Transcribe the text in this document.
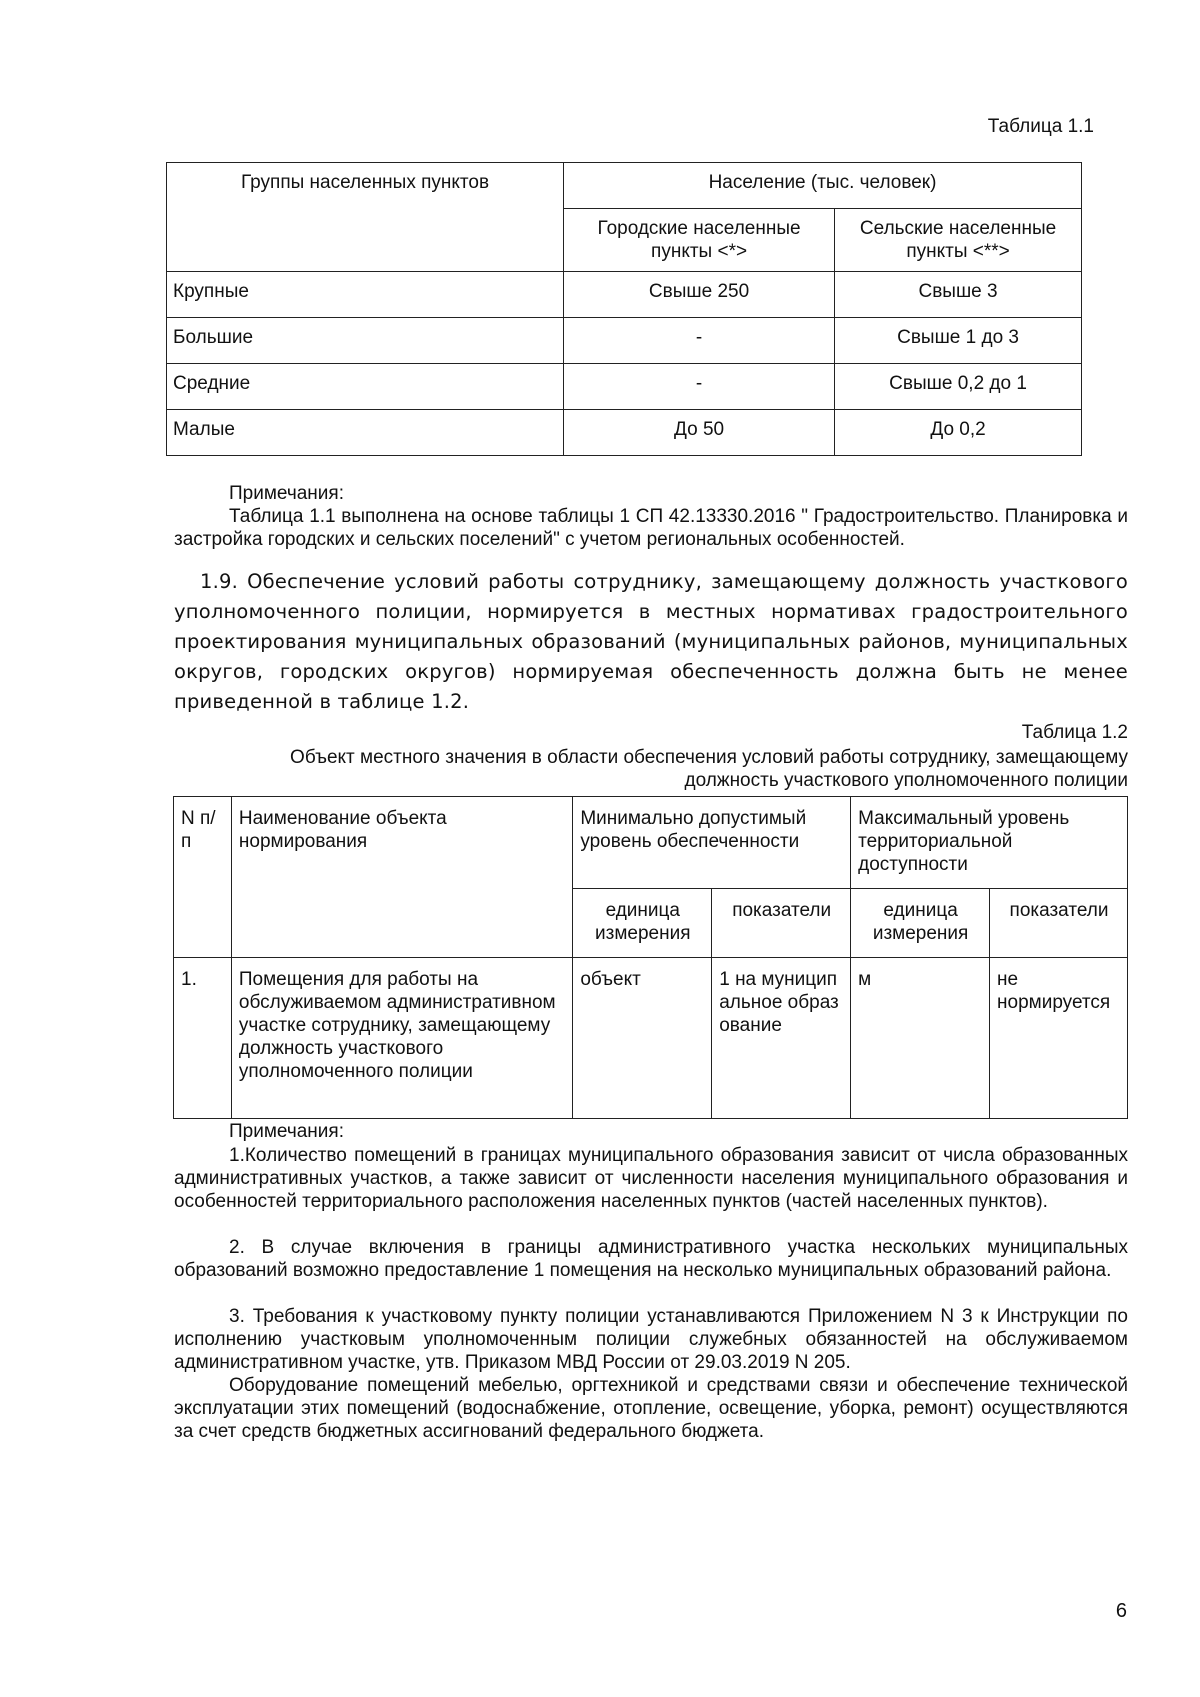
Таблица 1.1
Группы населенных пунктов	Население (тыс. человек)	
	Городские населенные пункты <*>	Сельские населенные пункты <**>
Крупные	Свыше 250	Свыше 3
Большие	-	Свыше 1 до 3
Средние	-	Свыше 0,2 до 1
Малые	До 50	До 0,2
Примечания:
Таблица 1.1 выполнена на основе таблицы 1 СП 42.13330.2016 " Градостроительство. Планировка и застройка городских и сельских поселений" с учетом региональных особенностей.
1.9. Обеспечение условий работы сотруднику, замещающему должность участкового уполномоченного полиции, нормируется в местных нормативах градостроительного проектирования муниципальных образований (муниципальных районов, муниципальных округов, городских округов) нормируемая обеспеченность должна быть не менее приведенной в таблице 1.2.
Таблица 1.2
Объект местного значения в области обеспечения условий работы сотруднику, замещающему должность участкового уполномоченного полиции
N п/п	Наименование объекта нормирования	Минимально допустимый уровень обеспеченности		Максимальный уровень территориальной доступности	
		единица измерения	показатели	единица измерения	показатели
1.	Помещения для работы на обслуживаемом административном участке сотруднику, замещающему должность участкового уполномоченного полиции	объект	1 на муниципальное образование	м	не нормируется
Примечания:
1.Количество помещений в границах муниципального образования зависит от числа образованных административных участков, а также зависит от численности населения муниципального образования и особенностей территориального расположения населенных пунктов (частей населенных пунктов).
2. В случае включения в границы административного участка нескольких муниципальных образований возможно предоставление 1 помещения на несколько муниципальных образований района.
3. Требования к участковому пункту полиции устанавливаются Приложением N 3 к Инструкции по исполнению участковым уполномоченным полиции служебных обязанностей на обслуживаемом административном участке, утв. Приказом МВД России от 29.03.2019 N 205.
Оборудование помещений мебелью, оргтехникой и средствами связи и обеспечение технической эксплуатации этих помещений (водоснабжение, отопление, освещение, уборка, ремонт) осуществляются за счет средств бюджетных ассигнований федерального бюджета.
6
